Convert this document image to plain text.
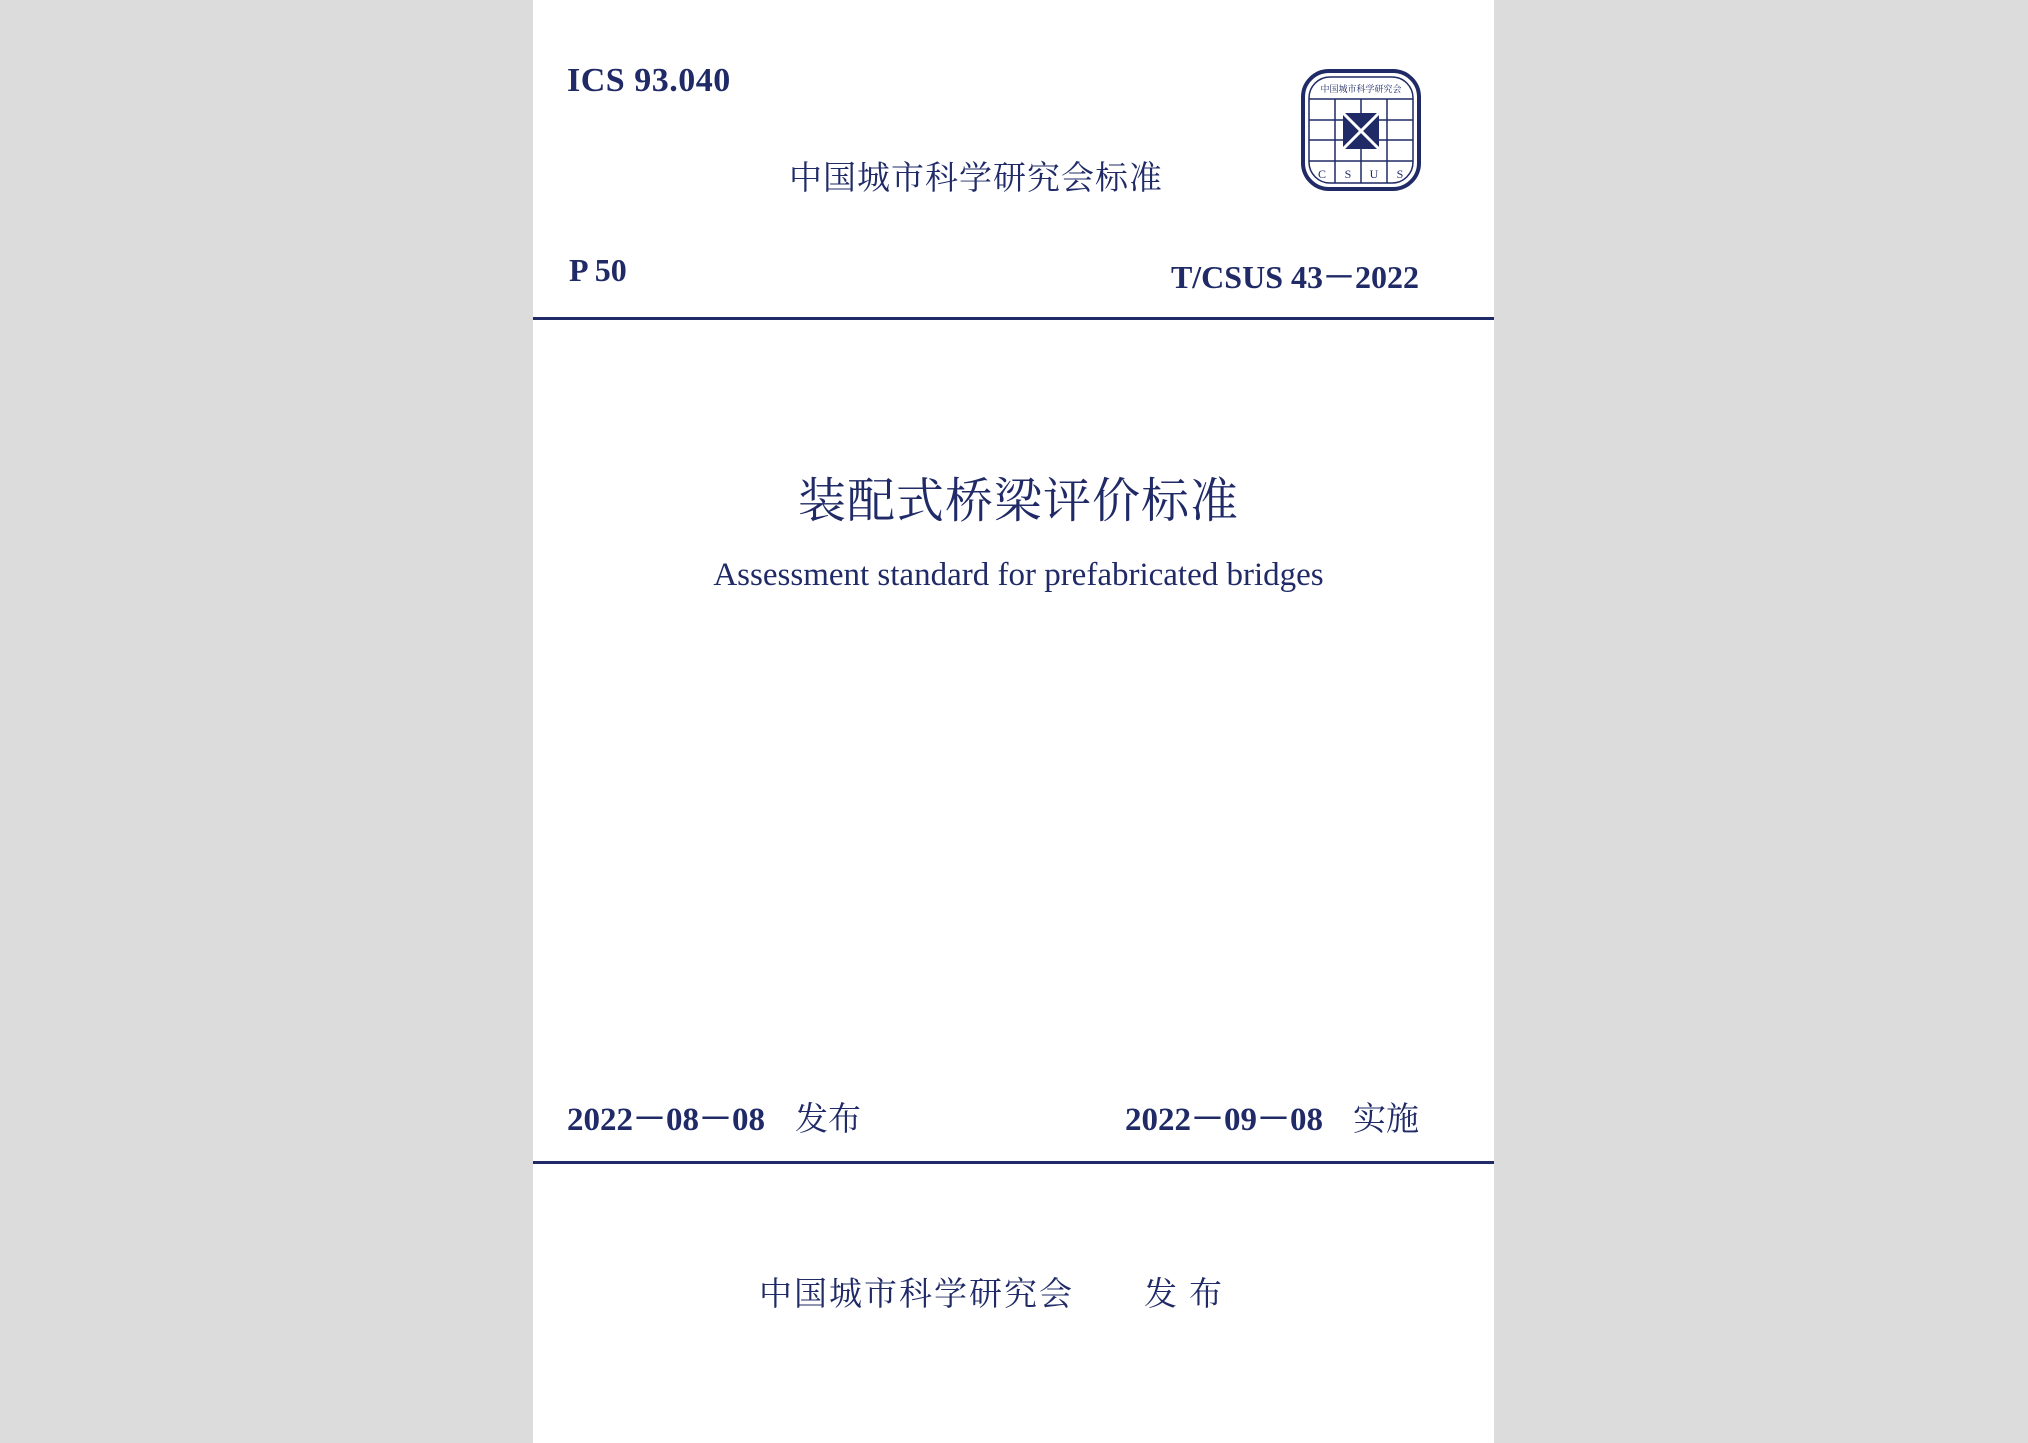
ICS 93.040
中国城市科学研究会标准
中国城市科学研究会
C S U S
P 50	T/CSUS 43－2022
装配式桥梁评价标准
Assessment standard for prefabricated bridges
2022－08－08 发布	2022－09－08 实施
中国城市科学研究会 发布
